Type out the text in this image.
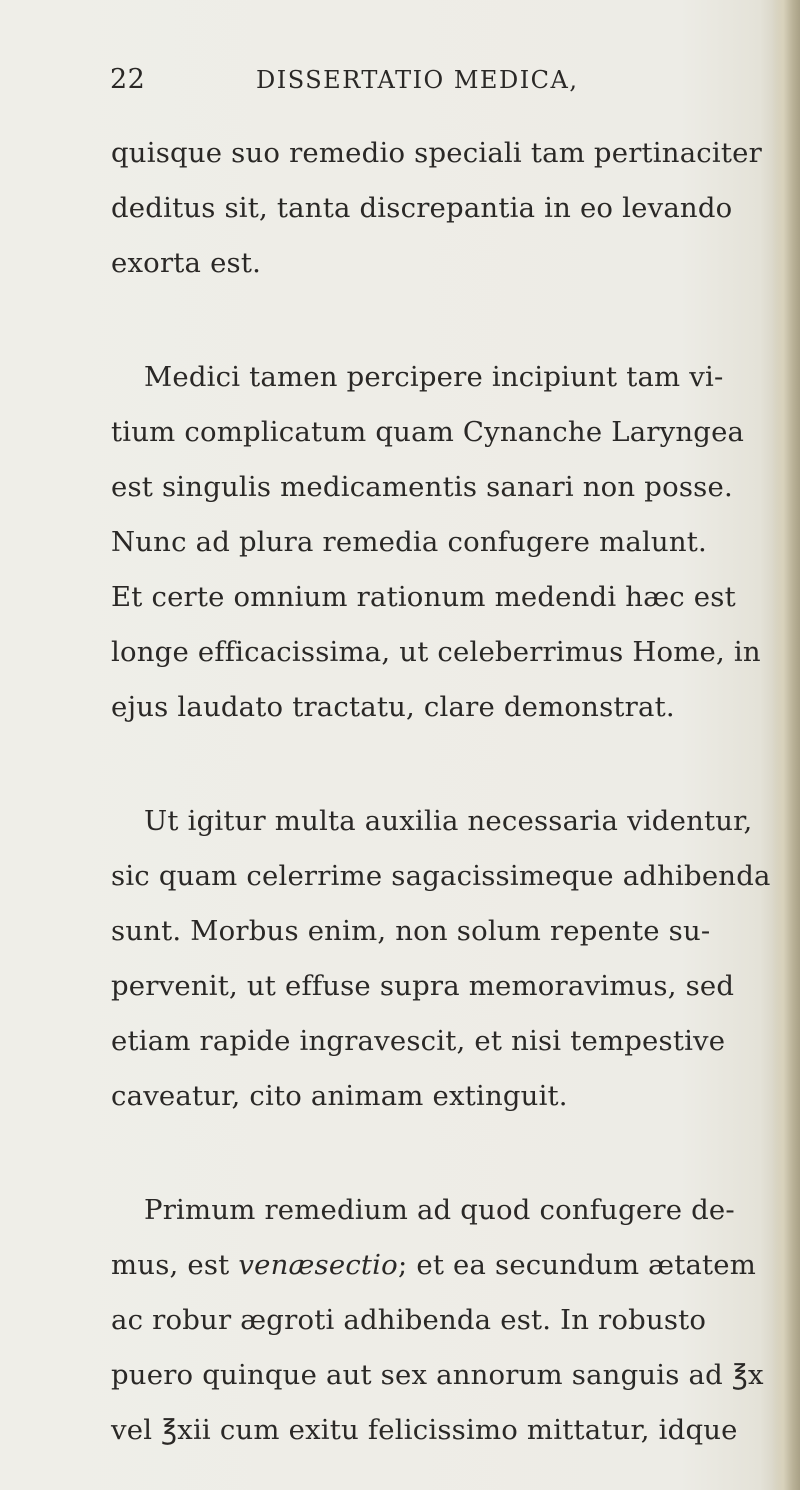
22	DISSERTATIO MEDICA,
quisque suo remedio speciali tam pertinaciter
deditus sit, tanta discrepantia in eo levando
exorta est.
Medici tamen percipere incipiunt tam vi-
tium complicatum quam Cynanche Laryngea
est singulis medicamentis sanari non posse.
Nunc ad plura remedia confugere malunt.
Et certe omnium rationum medendi hæc est
longe efficacissima, ut celeberrimus Home, in
ejus laudato tractatu, clare demonstrat.
Ut igitur multa auxilia necessaria videntur,
sic quam celerrime sagacissimeque adhibenda
sunt. Morbus enim, non solum repente su-
pervenit, ut effuse supra memoravimus, sed
etiam rapide ingravescit, et nisi tempestive
caveatur, cito animam extinguit.
Primum remedium ad quod confugere de-
mus, est venæsectio; et ea secundum ætatem
ac robur ægroti adhibenda est. In robusto
puero quinque aut sex annorum sanguis ad ℥x
vel ℥xii cum exitu felicissimo mittatur, idque
